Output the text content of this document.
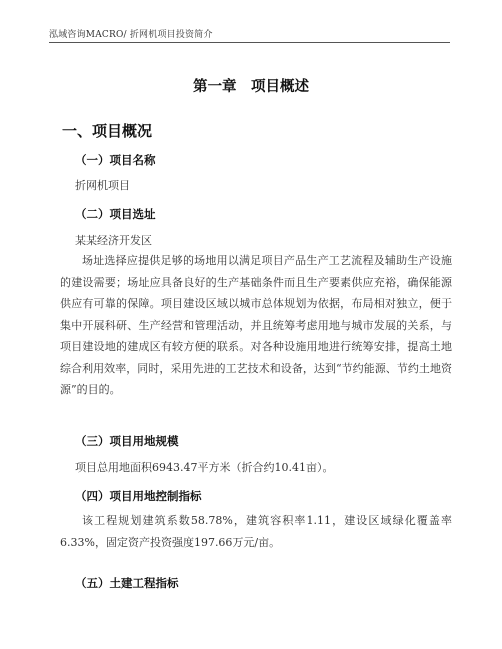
泓域咨询MACRO/ 折网机项目投资简介
第一章　项目概述
一、项目概况
（一）项目名称
折网机项目
（二）项目选址
某某经济开发区

场址选择应提供足够的场地用以满足项目产品生产工艺流程及辅助生产设施的建设需要；场址应具备良好的生产基础条件而且生产要素供应充裕，确保能源供应有可靠的保障。项目建设区域以城市总体规划为依据，布局相对独立，便于集中开展科研、生产经营和管理活动，并且统筹考虑用地与城市发展的关系，与项目建设地的建成区有较方便的联系。对各种设施用地进行统筹安排，提高土地综合利用效率，同时，采用先进的工艺技术和设备，达到“节约能源、节约土地资源”的目的。

（三）项目用地规模
项目总用地面积6943.47平方米（折合约10.41亩）。
（四）项目用地控制指标

该工程规划建筑系数58.78%，建筑容积率1.11，建设区域绿化覆盖率6.33%，固定资产投资强度197.66万元/亩。

（五）土建工程指标
